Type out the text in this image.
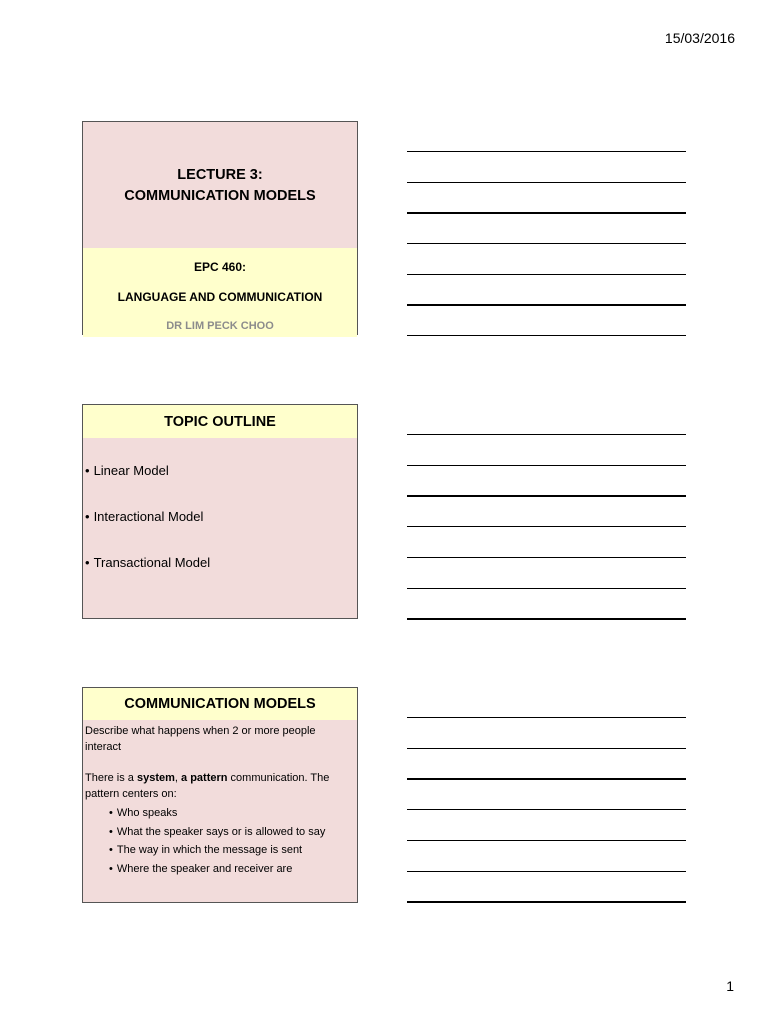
15/03/2016
LECTURE 3:
COMMUNICATION MODELS
EPC 460:
LANGUAGE AND COMMUNICATION
DR LIM PECK CHOO
TOPIC OUTLINE
• Linear Model
• Interactional Model
• Transactional Model
COMMUNICATION MODELS

Describe what happens when 2 or more people interact

There is a system, a pattern communication. The pattern centers on:

• Who speaks
• What the speaker says or is allowed to say
• The way in which the message is sent
• Where the speaker and receiver are
1
